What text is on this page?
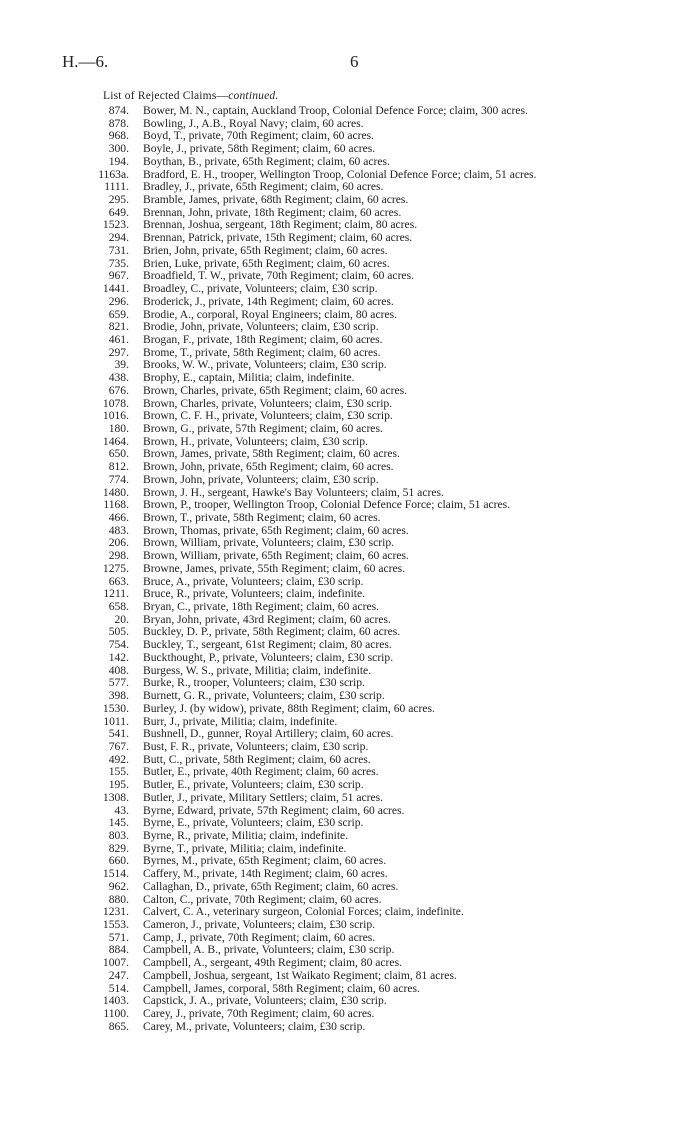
H.—6.	6
List of Rejected Claims—continued.
874. Bower, M. N., captain, Auckland Troop, Colonial Defence Force; claim, 300 acres.
878. Bowling, J., A.B., Royal Navy; claim, 60 acres.
968. Boyd, T., private, 70th Regiment; claim, 60 acres.
300. Boyle, J., private, 58th Regiment; claim, 60 acres.
194. Boythan, B., private, 65th Regiment; claim, 60 acres.
1163a. Bradford, E. H., trooper, Wellington Troop, Colonial Defence Force; claim, 51 acres.
1111. Bradley, J., private, 65th Regiment; claim, 60 acres.
295. Bramble, James, private, 68th Regiment; claim, 60 acres.
649. Brennan, John, private, 18th Regiment; claim, 60 acres.
1523. Brennan, Joshua, sergeant, 18th Regiment; claim, 80 acres.
294. Brennan, Patrick, private, 15th Regiment; claim, 60 acres.
731. Brien, John, private, 65th Regiment; claim, 60 acres.
735. Brien, Luke, private, 65th Regiment; claim, 60 acres.
967. Broadfield, T. W., private, 70th Regiment; claim, 60 acres.
1441. Broadley, C., private, Volunteers; claim, £30 scrip.
296. Broderick, J., private, 14th Regiment; claim, 60 acres.
659. Brodie, A., corporal, Royal Engineers; claim, 80 acres.
821. Brodie, John, private, Volunteers; claim, £30 scrip.
461. Brogan, F., private, 18th Regiment; claim, 60 acres.
297. Brome, T., private, 58th Regiment; claim, 60 acres.
39. Brooks, W. W., private, Volunteers; claim, £30 scrip.
438. Brophy, E., captain, Militia; claim, indefinite.
676. Brown, Charles, private, 65th Regiment; claim, 60 acres.
1078. Brown, Charles, private, Volunteers; claim, £30 scrip.
1016. Brown, C. F. H., private, Volunteers; claim, £30 scrip.
180. Brown, G., private, 57th Regiment; claim, 60 acres.
1464. Brown, H., private, Volunteers; claim, £30 scrip.
650. Brown, James, private, 58th Regiment; claim, 60 acres.
812. Brown, John, private, 65th Regiment; claim, 60 acres.
774. Brown, John, private, Volunteers; claim, £30 scrip.
1480. Brown, J. H., sergeant, Hawke's Bay Volunteers; claim, 51 acres.
1168. Brown, P., trooper, Wellington Troop, Colonial Defence Force; claim, 51 acres.
466. Brown, T., private, 58th Regiment; claim, 60 acres.
483. Brown, Thomas, private, 65th Regiment; claim, 60 acres.
206. Brown, William, private, Volunteers; claim, £30 scrip.
298. Brown, William, private, 65th Regiment; claim, 60 acres.
1275. Browne, James, private, 55th Regiment; claim, 60 acres.
663. Bruce, A., private, Volunteers; claim, £30 scrip.
1211. Bruce, R., private, Volunteers; claim, indefinite.
658. Bryan, C., private, 18th Regiment; claim, 60 acres.
20. Bryan, John, private, 43rd Regiment; claim, 60 acres.
505. Buckley, D. P., private, 58th Regiment; claim, 60 acres.
754. Buckley, T., sergeant, 61st Regiment; claim, 80 acres.
142. Buckthought, P., private, Volunteers; claim, £30 scrip.
408. Burgess, W. S., private, Militia; claim, indefinite.
577. Burke, R., trooper, Volunteers; claim, £30 scrip.
398. Burnett, G. R., private, Volunteers; claim, £30 scrip.
1530. Burley, J. (by widow), private, 88th Regiment; claim, 60 acres.
1011. Burr, J., private, Militia; claim, indefinite.
541. Bushnell, D., gunner, Royal Artillery; claim, 60 acres.
767. Bust, F. R., private, Volunteers; claim, £30 scrip.
492. Butt, C., private, 58th Regiment; claim, 60 acres.
155. Butler, E., private, 40th Regiment; claim, 60 acres.
195. Butler, E., private, Volunteers; claim, £30 scrip.
1308. Butler, J., private, Military Settlers; claim, 51 acres.
43. Byrne, Edward, private, 57th Regiment; claim, 60 acres.
145. Byrne, E., private, Volunteers; claim, £30 scrip.
803. Byrne, R., private, Militia; claim, indefinite.
829. Byrne, T., private, Militia; claim, indefinite.
660. Byrnes, M., private, 65th Regiment; claim, 60 acres.
1514. Caffery, M., private, 14th Regiment; claim, 60 acres.
962. Callaghan, D., private, 65th Regiment; claim, 60 acres.
880. Calton, C., private, 70th Regiment; claim, 60 acres.
1231. Calvert, C. A., veterinary surgeon, Colonial Forces; claim, indefinite.
1553. Cameron, J., private, Volunteers; claim, £30 scrip.
571. Camp, J., private, 70th Regiment; claim, 60 acres.
884. Campbell, A. B., private, Volunteers; claim, £30 scrip.
1007. Campbell, A., sergeant, 49th Regiment; claim, 80 acres.
247. Campbell, Joshua, sergeant, 1st Waikato Regiment; claim, 81 acres.
514. Campbell, James, corporal, 58th Regiment; claim, 60 acres.
1403. Capstick, J. A., private, Volunteers; claim, £30 scrip.
1100. Carey, J., private, 70th Regiment; claim, 60 acres.
865. Carey, M., private, Volunteers; claim, £30 scrip.
